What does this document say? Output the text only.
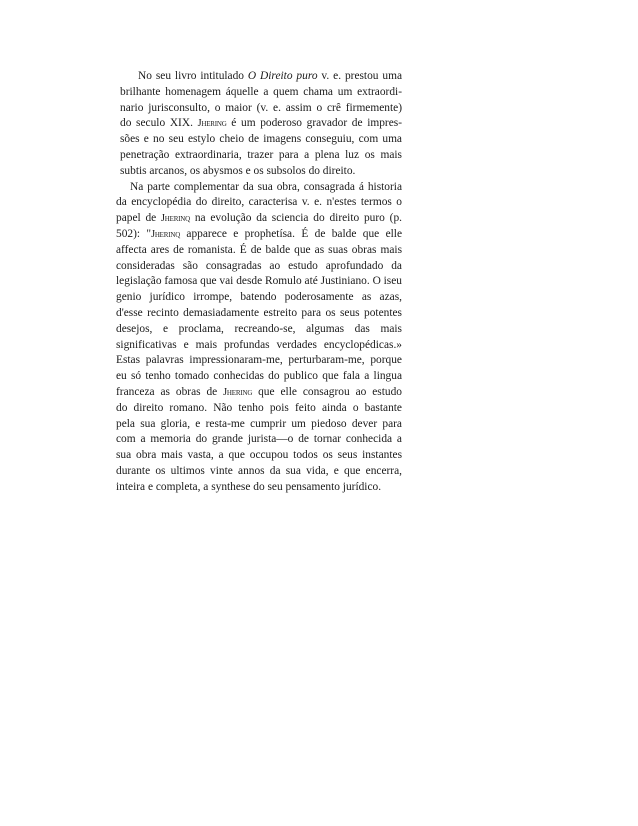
No seu livro intitulado O Direito puro v. e. prestou uma
brilhante homenagem áquelle a quem chama um extraordi-
nario jurisconsulto, o maior (v. e. assim o crê firmemente)
do seculo XIX. Jhering é um poderoso gravador de impres-
sões e no seu estylo cheio de imagens conseguiu, com uma
penetração extraordinaria, trazer para a plena luz os mais
subtis arcanos, os abysmos e os subsolos do direito.
Na parte complementar da sua obra, consagrada á historia
da encyclopédia do direito, caracterisa v. e. n'estes termos o
papel de Jherinq na evolução da sciencia do direito puro (p.
502): "Jherinq apparece e prophetísa. É de balde que elle
affecta ares de romanista. É de balde que as suas obras mais
consideradas são consagradas ao estudo aprofundado da
legislação famosa que vai desde Romulo até Justiniano. O iseu
genio jurídico irrompe, batendo poderosamente as azas,
d'esse recinto demasiadamente estreito para os seus potentes
desejos, e proclama, recreando-se, algumas das mais
significativas e mais profundas verdades encyclopédicas.»
Estas palavras impressionaram-me, perturbaram-me, porque
eu só tenho tomado conhecidas do publico que fala a lingua
franceza as obras de Jhering que elle consagrou ao estudo
do direito romano. Não tenho pois feito ainda o bastante
pela sua gloria, e resta-me cumprir um piedoso dever para
com a memoria do grande jurista—o de tornar conhecida a
sua obra mais vasta, a que occupou todos os seus instantes
durante os ultimos vinte annos da sua vida, e que encerra,
inteira e completa, a synthese do seu pensamento jurídico.
